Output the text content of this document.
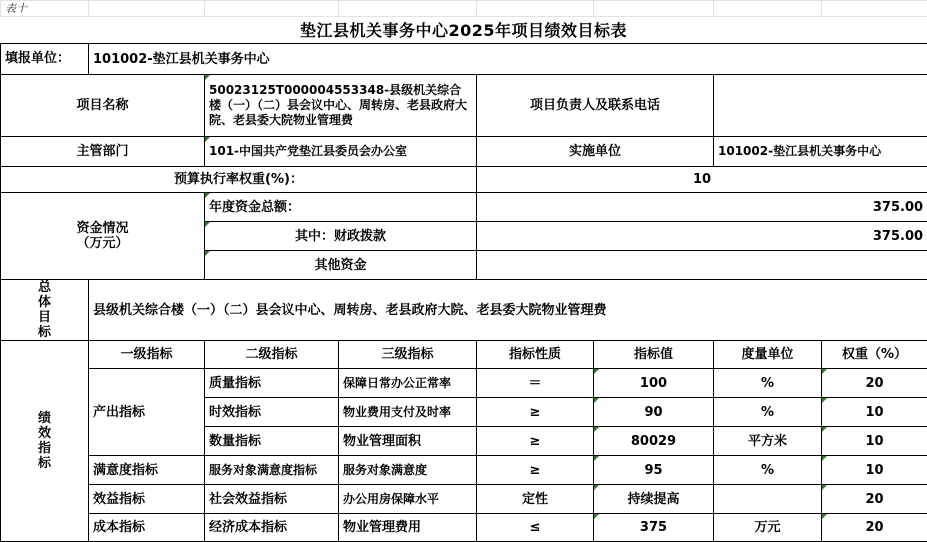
表十							
垫江县机关事务中心2025年项目绩效目标表
填报单位：	101002-垫江县机关事务中心						
项目名称		50023125T000004553348-县级机关综合楼（一）（二）县会议中心、周转房、老县政府大院、老县委大院物业管理费		项目负责人及联系电话			
主管部门		101-中国共产党垫江县委员会办公室		实施单位		101002-垫江县机关事务中心	
预算执行率权重(%)：				10			

资金情况
（万元）		年度资金总额：		375.00			
		其中：财政拨款		375.00			
		其他资金					

总体目标	县级机关综合楼（一）（二）县会议中心、周转房、老县政府大院、老县委大院物业管理费						

绩效指标	一级指标	二级指标	三级指标	指标性质	指标值	度量单位	权重（%）
	产出指标	质量指标	保障日常办公正常率	＝	100	%	20
		时效指标	物业费用支付及时率	≥	90	%	10
		数量指标	物业管理面积	≥	80029	平方米	10
	满意度指标	服务对象满意度指标	服务对象满意度	≥	95	%	10
	效益指标	社会效益指标	办公用房保障水平	定性	持续提高		20
	成本指标	经济成本指标	物业管理费用	≤	375	万元	20
